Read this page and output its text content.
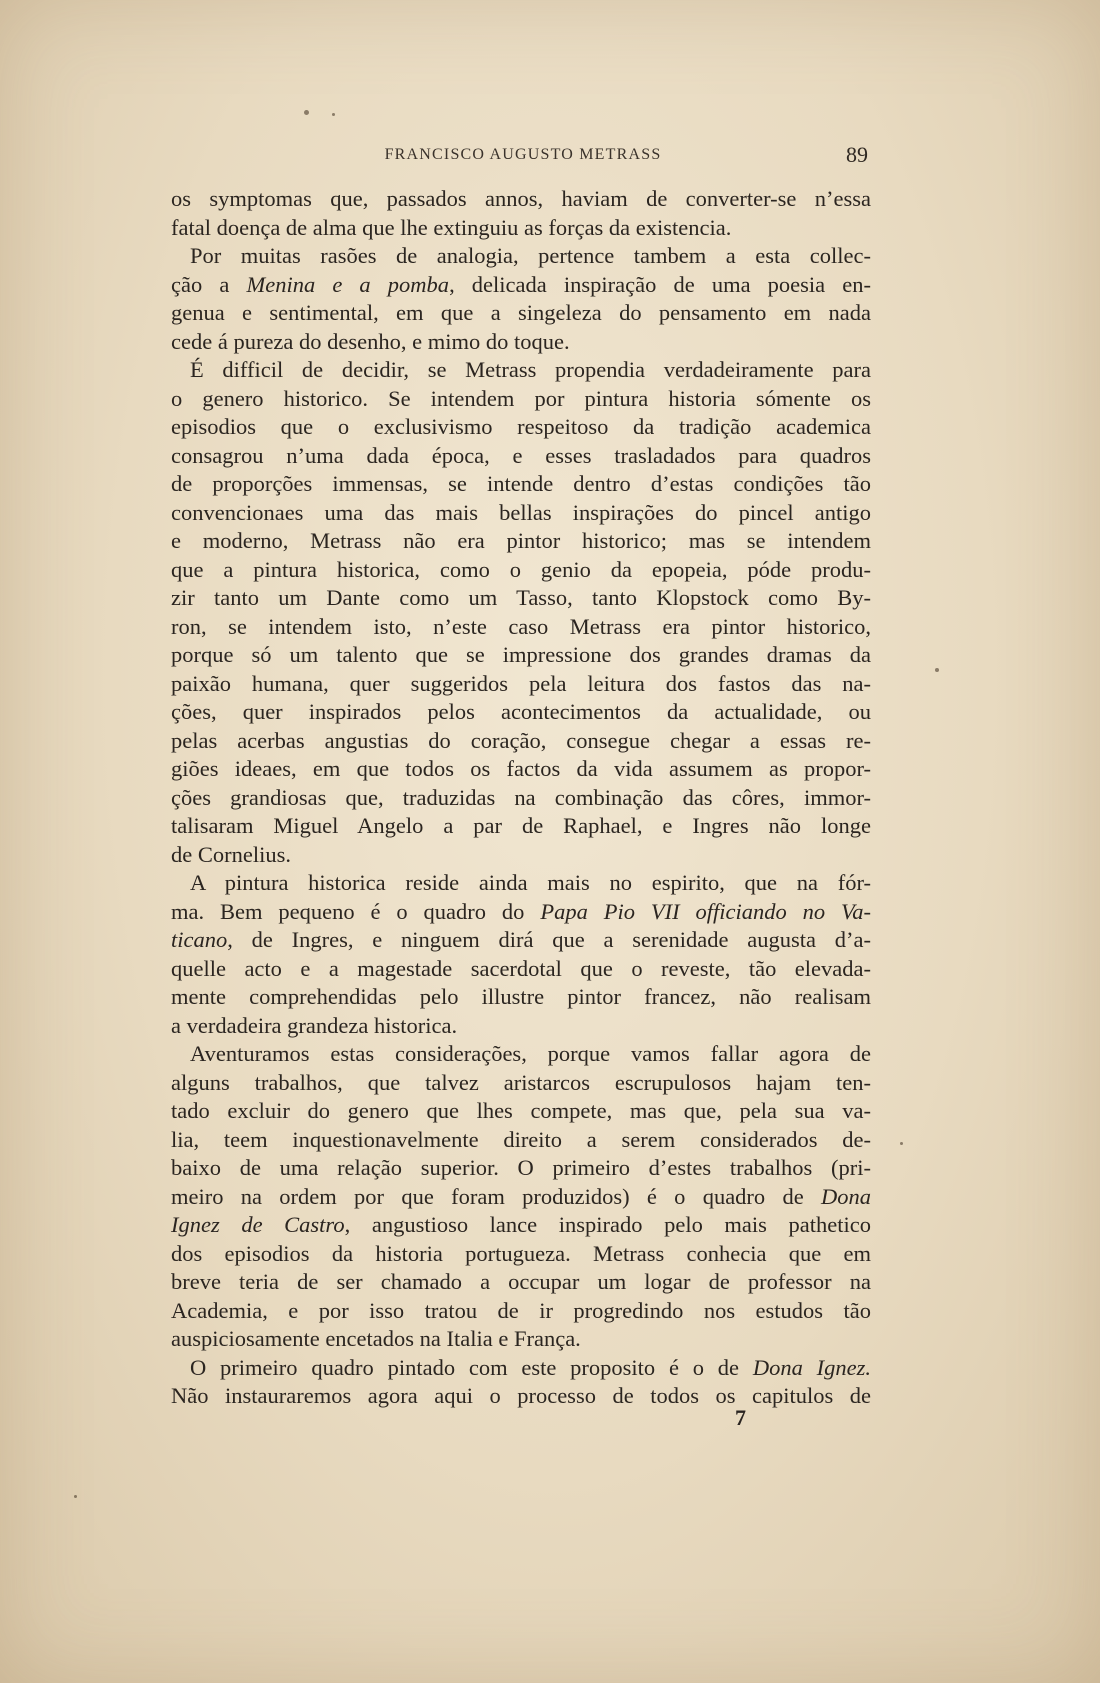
FRANCISCO AUGUSTO METRASS	89
os symptomas que, passados annos, haviam de converter-se n’essa
fatal doença de alma que lhe extinguiu as forças da existencia.
Por muitas rasões de analogia, pertence tambem a esta collec-
ção a Menina e a pomba, delicada inspiração de uma poesia en-
genua e sentimental, em que a singeleza do pensamento em nada
cede á pureza do desenho, e mimo do toque.
É difficil de decidir, se Metrass propendia verdadeiramente para
o genero historico. Se intendem por pintura historia sómente os
episodios que o exclusivismo respeitoso da tradição academica
consagrou n’uma dada época, e esses trasladados para quadros
de proporções immensas, se intende dentro d’estas condições tão
convencionaes uma das mais bellas inspirações do pincel antigo
e moderno, Metrass não era pintor historico; mas se intendem
que a pintura historica, como o genio da epopeia, póde produ-
zir tanto um Dante como um Tasso, tanto Klopstock como By-
ron, se intendem isto, n’este caso Metrass era pintor historico,
porque só um talento que se impressione dos grandes dramas da
paixão humana, quer suggeridos pela leitura dos fastos das na-
ções, quer inspirados pelos acontecimentos da actualidade, ou
pelas acerbas angustias do coração, consegue chegar a essas re-
giões ideaes, em que todos os factos da vida assumem as propor-
ções grandiosas que, traduzidas na combinação das côres, immor-
talisaram Miguel Angelo a par de Raphael, e Ingres não longe
de Cornelius.
A pintura historica reside ainda mais no espirito, que na fór-
ma. Bem pequeno é o quadro do Papa Pio VII officiando no Va-
ticano, de Ingres, e ninguem dirá que a serenidade augusta d’a-
quelle acto e a magestade sacerdotal que o reveste, tão elevada-
mente comprehendidas pelo illustre pintor francez, não realisam
a verdadeira grandeza historica.
Aventuramos estas considerações, porque vamos fallar agora de
alguns trabalhos, que talvez aristarcos escrupulosos hajam ten-
tado excluir do genero que lhes compete, mas que, pela sua va-
lia, teem inquestionavelmente direito a serem considerados de-
baixo de uma relação superior. O primeiro d’estes trabalhos (pri-
meiro na ordem por que foram produzidos) é o quadro de Dona
Ignez de Castro, angustioso lance inspirado pelo mais pathetico
dos episodios da historia portugueza. Metrass conhecia que em
breve teria de ser chamado a occupar um logar de professor na
Academia, e por isso tratou de ir progredindo nos estudos tão
auspiciosamente encetados na Italia e França.
O primeiro quadro pintado com este proposito é o de Dona Ignez.
Não instauraremos agora aqui o processo de todos os capitulos de
7
